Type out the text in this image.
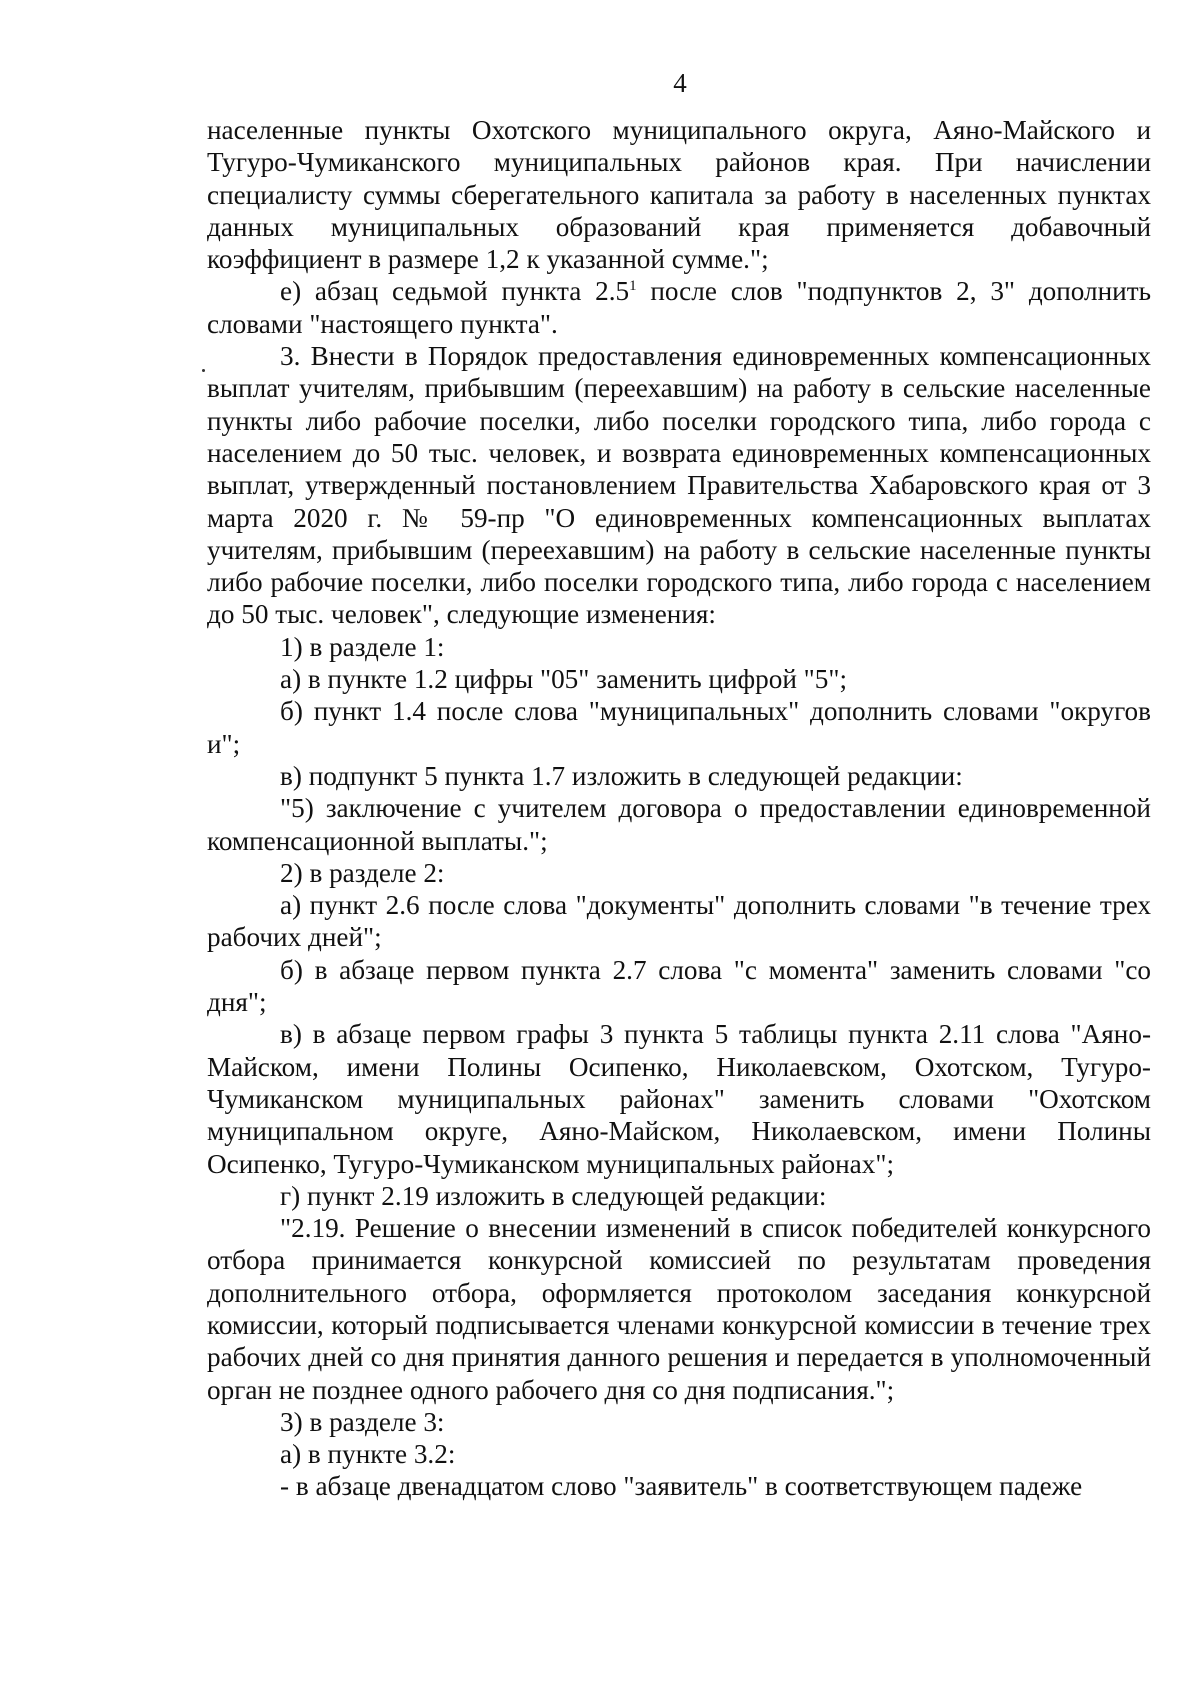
4

населенные пункты Охотского муниципального округа, Аяно-Майского и Тугуро-Чумиканского муниципальных районов края. При начислении специалисту суммы сберегательного капитала за работу в населенных пунктах данных муниципальных образований края применяется добавочный коэффициент в размере 1,2 к указанной сумме.";

е) абзац седьмой пункта $2.5^1$ после слов "подпунктов 2, 3" дополнить словами "настоящего пункта".

3. Внести в Порядок предоставления единовременных компенсационных выплат учителям, прибывшим (переехавшим) на работу в сельские населенные пункты либо рабочие поселки, либо поселки городского типа, либо города с населением до 50 тыс. человек, и возврата единовременных компенсационных выплат, утвержденный постановлением Правительства Хабаровского края от 3 марта 2020 г. № 59-пр "О единовременных компенсационных выплатах учителям, прибывшим (переехавшим) на работу в сельские населенные пункты либо рабочие поселки, либо поселки городского типа, либо города с населением до 50 тыс. человек", следующие изменения:

1) в разделе 1:

а) в пункте 1.2 цифры "05" заменить цифрой "5";

б) пункт 1.4 после слова "муниципальных" дополнить словами "округов и";

в) подпункт 5 пункта 1.7 изложить в следующей редакции:

"5) заключение с учителем договора о предоставлении единовременной компенсационной выплаты.";

2) в разделе 2:

а) пункт 2.6 после слова "документы" дополнить словами "в течение трех рабочих дней";

б) в абзаце первом пункта 2.7 слова "с момента" заменить словами "со дня";

в) в абзаце первом графы 3 пункта 5 таблицы пункта 2.11 слова "Аяно-Майском, имени Полины Осипенко, Николаевском, Охотском, Тугуро-Чумиканском муниципальных районах" заменить словами "Охотском муниципальном округе, Аяно-Майском, Николаевском, имени Полины Осипенко, Тугуро-Чумиканском муниципальных районах";

г) пункт 2.19 изложить в следующей редакции:

"2.19. Решение о внесении изменений в список победителей конкурсного отбора принимается конкурсной комиссией по результатам проведения дополнительного отбора, оформляется протоколом заседания конкурсной комиссии, который подписывается членами конкурсной комиссии в течение трех рабочих дней со дня принятия данного решения и передается в уполномоченный орган не позднее одного рабочего дня со дня подписания.";

3) в разделе 3:

а) в пункте 3.2:

- в абзаце двенадцатом слово "заявитель" в соответствующем падеже
